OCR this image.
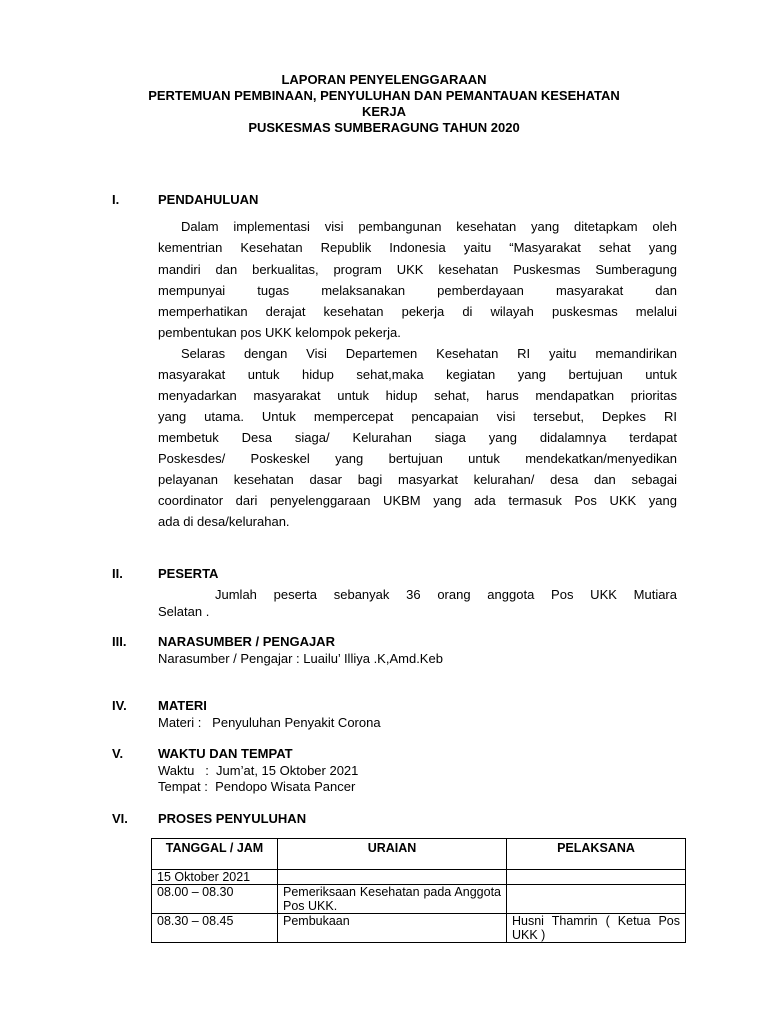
LAPORAN PENYELENGGARAAN
PERTEMUAN PEMBINAAN, PENYULUHAN DAN PEMANTAUAN KESEHATAN
KERJA
PUSKESMAS SUMBERAGUNG TAHUN 2020
I.	PENDAHULUAN
Dalam implementasi visi pembangunan kesehatan yang ditetapkam oleh
kementrian Kesehatan Republik Indonesia yaitu “Masyarakat sehat yang
mandiri dan berkualitas, program UKK kesehatan Puskesmas Sumberagung
mempunyai tugas melaksanakan pemberdayaan masyarakat dan
memperhatikan derajat kesehatan pekerja di wilayah puskesmas melalui
pembentukan pos UKK kelompok pekerja.
Selaras dengan Visi Departemen Kesehatan RI yaitu memandirikan
masyarakat untuk hidup sehat,maka kegiatan yang bertujuan untuk
menyadarkan masyarakat untuk hidup sehat, harus mendapatkan prioritas
yang utama. Untuk mempercepat pencapaian visi tersebut, Depkes RI
membetuk Desa siaga/ Kelurahan siaga yang didalamnya terdapat
Poskesdes/ Poskeskel yang bertujuan untuk mendekatkan/menyedikan
pelayanan kesehatan dasar bagi masyarkat kelurahan/ desa dan sebagai
coordinator dari penyelenggaraan UKBM yang ada termasuk Pos UKK yang
ada di desa/kelurahan.
II.	PESERTA
Jumlah peserta sebanyak 36 orang anggota Pos UKK Mutiara
Selatan .
III. NARASUMBER / PENGAJAR
Narasumber / Pengajar : Luailu’ Illiya .K,Amd.Keb
IV. MATERI
Materi :   Penyuluhan Penyakit Corona
V.	WAKTU DAN TEMPAT
Waktu   :  Jum’at, 15 Oktober 2021
Tempat :  Pendopo Wisata Pancer
VI. PROSES PENYULUHAN
TANGGAL / JAM	URAIAN	PELAKSANA
15 Oktober 2021		
08.00 – 08.30	Pemeriksaan Kesehatan pada Anggota Pos UKK.	
08.30 – 08.45	Pembukaan	Husni Thamrin ( Ketua Pos UKK )
